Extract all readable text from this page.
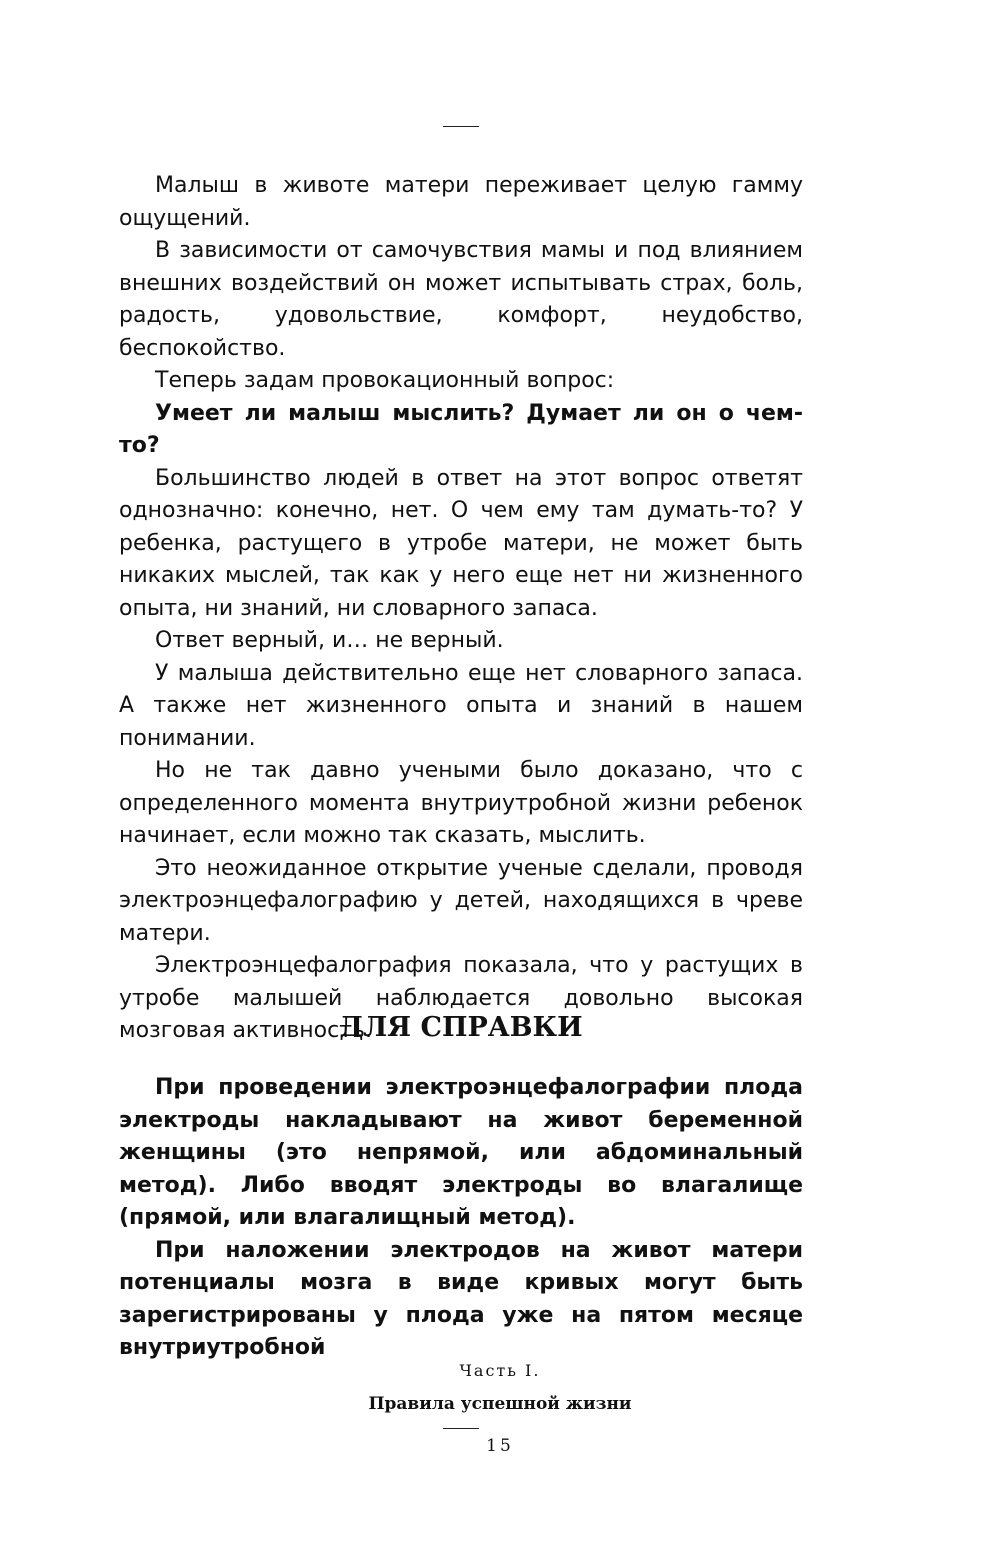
Малыш в животе матери переживает целую гамму ощущений.

В зависимости от самочувствия мамы и под влиянием внешних воздействий он может испытывать страх, боль, радость, удовольствие, комфорт, неудобство, беспокойство.

Теперь задам провокационный вопрос:

Умеет ли малыш мыслить? Думает ли он о чем-то?

Большинство людей в ответ на этот вопрос ответят однозначно: конечно, нет. О чем ему там думать-то? У ребенка, растущего в утробе матери, не может быть никаких мыслей, так как у него еще нет ни жизненного опыта, ни знаний, ни словарного запаса.

Ответ верный, и… не верный.

У малыша действительно еще нет словарного запаса. А также нет жизненного опыта и знаний в нашем понимании.

Но не так давно учеными было доказано, что с определенного момента внутриутробной жизни ребенок начинает, если можно так сказать, мыслить.

Это неожиданное открытие ученые сделали, проводя электроэнцефалографию у детей, находящихся в чреве матери.

Электроэнцефалография показала, что у растущих в утробе малышей наблюдается довольно высокая мозговая активность.

ДЛЯ СПРАВКИ

При проведении электроэнцефалографии плода электроды накладывают на живот беременной женщины (это непрямой, или абдоминальный метод). Либо вводят электроды во влагалище (прямой, или влагалищный метод).

При наложении электродов на живот матери потенциалы мозга в виде кривых могут быть зарегистрированы у плода уже на пятом месяце внутриутробной

Часть I.
Правила успешной жизни
15
